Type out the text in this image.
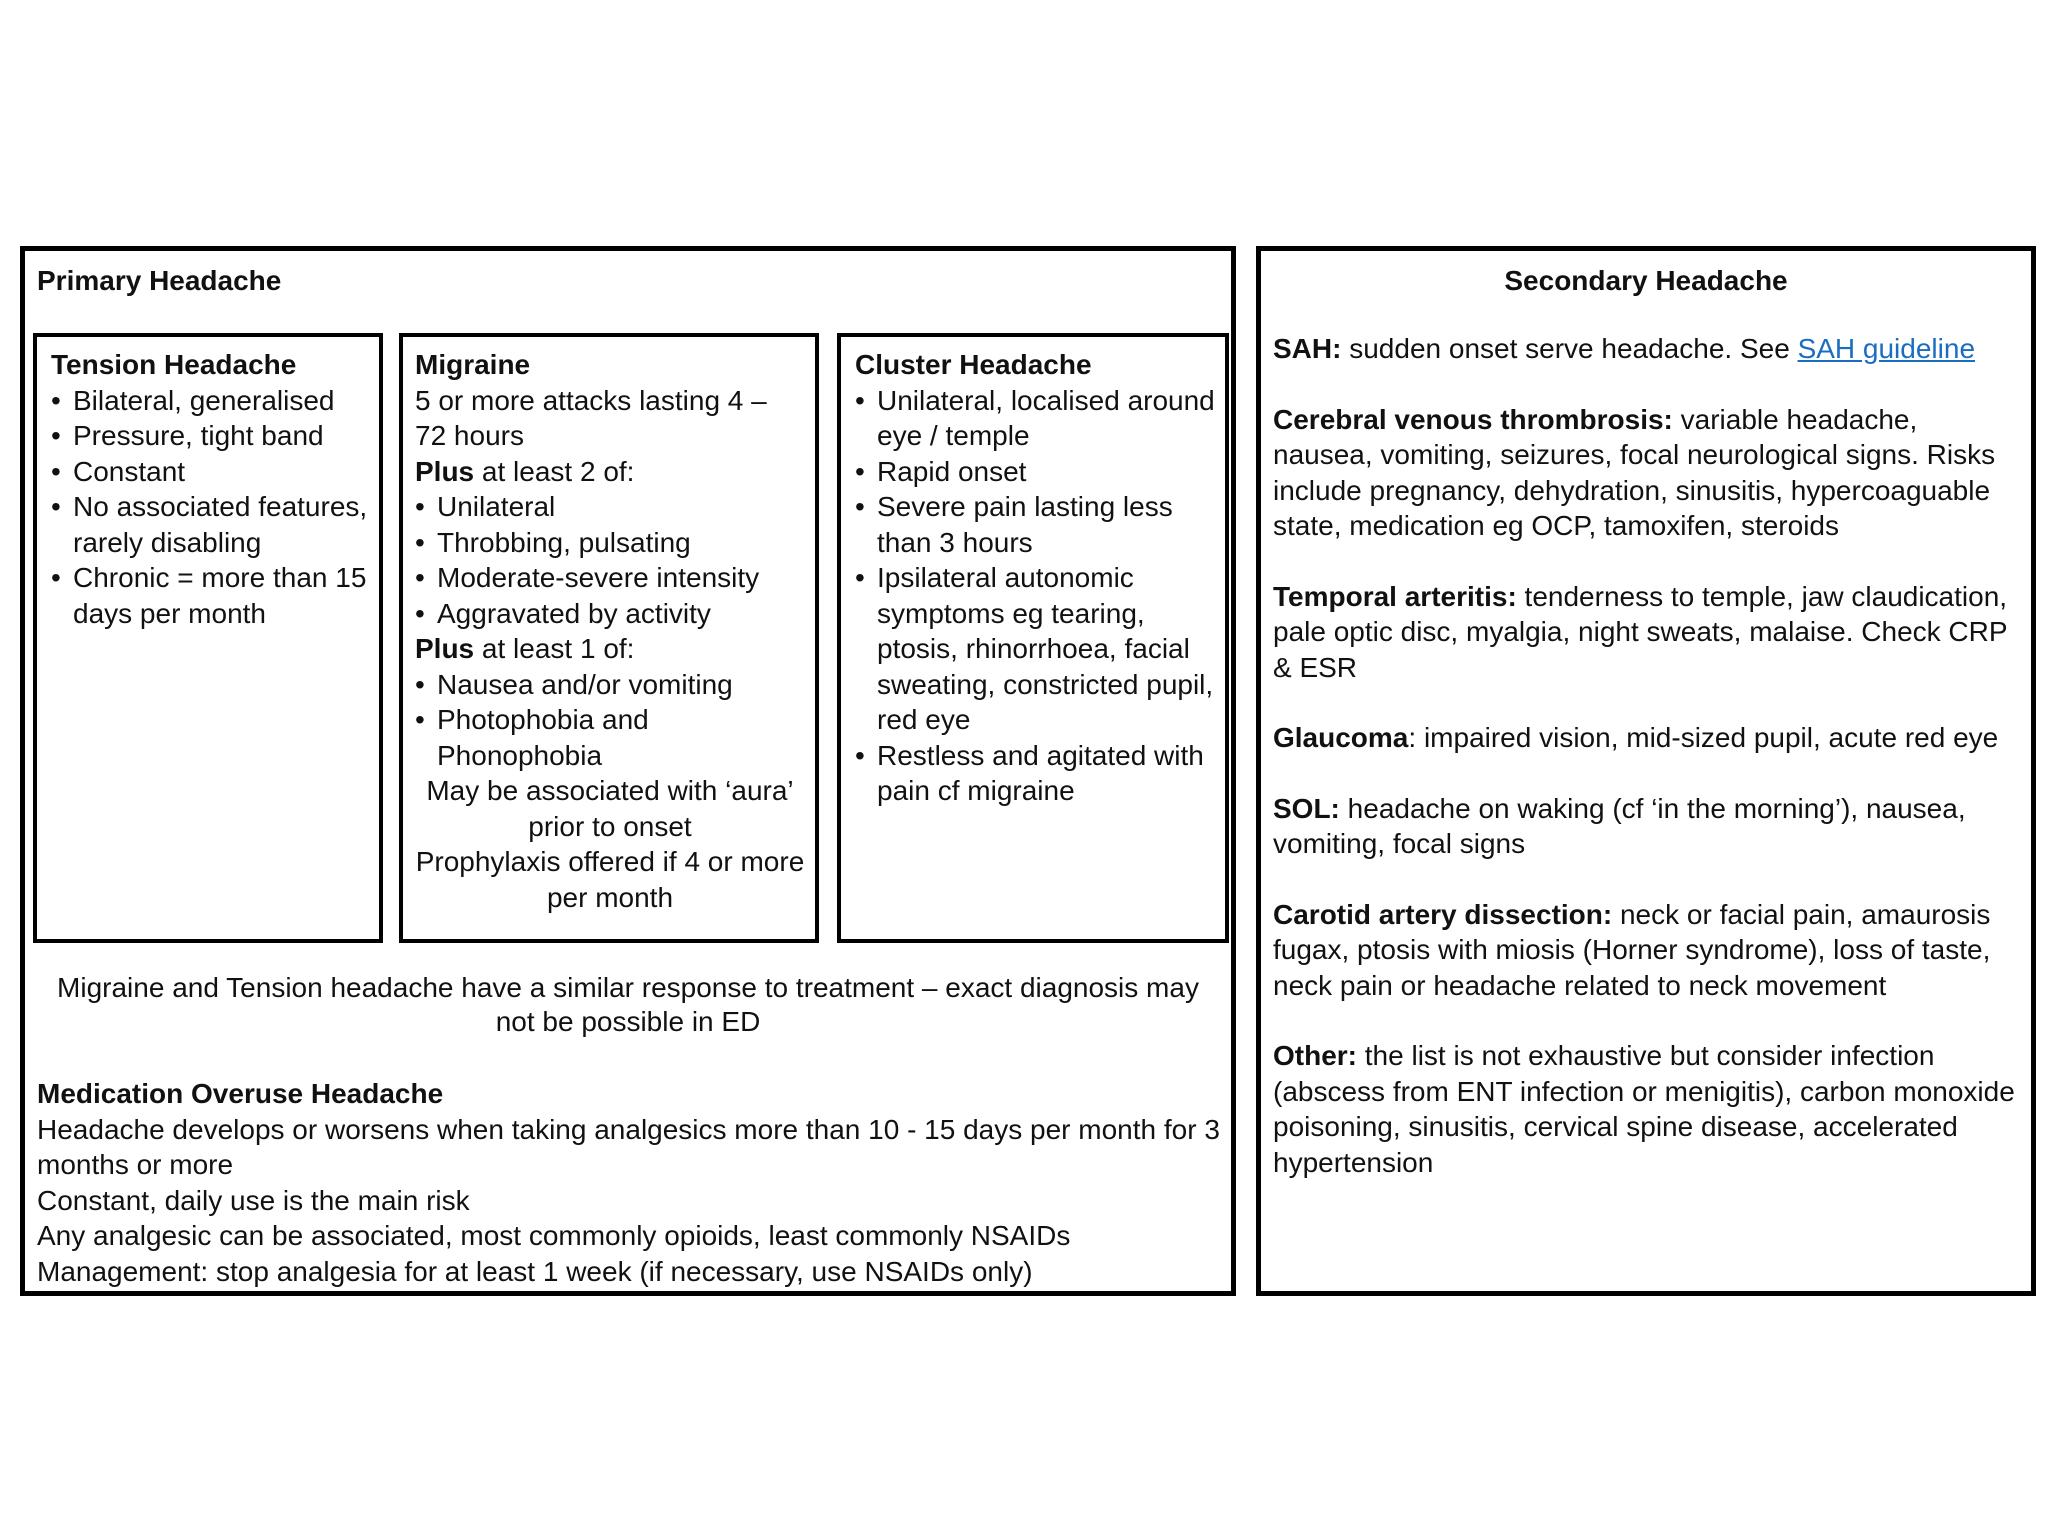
Primary Headache
Tension Headache
• Bilateral, generalised
• Pressure, tight band
• Constant
• No associated features, rarely disabling
• Chronic = more than 15 days per month
Migraine
5 or more attacks lasting 4 – 72 hours
Plus at least 2 of:
• Unilateral
• Throbbing, pulsating
• Moderate-severe intensity
• Aggravated by activity
Plus at least 1 of:
• Nausea and/or vomiting
• Photophobia and Phonophobia
May be associated with ‘aura’ prior to onset
Prophylaxis offered if 4 or more per month
Cluster Headache
• Unilateral, localised around eye / temple
• Rapid onset
• Severe pain lasting less than 3 hours
• Ipsilateral autonomic symptoms eg tearing, ptosis, rhinorrhoea, facial sweating, constricted pupil, red eye
• Restless and agitated with pain cf migraine
Migraine and Tension headache have a similar response to treatment – exact diagnosis may not be possible in ED
Medication Overuse Headache

Headache develops or worsens when taking analgesics more than 10 - 15 days per month for 3 months or more

Constant, daily use is the main risk

Any analgesic can be associated, most commonly opioids, least commonly NSAIDs

Management: stop analgesia for at least 1 week (if necessary, use NSAIDs only)

Secondary Headache

SAH: sudden onset serve headache. See SAH guideline

Cerebral venous thrombrosis: variable headache, nausea, vomiting, seizures, focal neurological signs. Risks include pregnancy, dehydration, sinusitis, hypercoaguable state, medication eg OCP, tamoxifen, steroids

Temporal arteritis: tenderness to temple, jaw claudication, pale optic disc, myalgia, night sweats, malaise. Check CRP & ESR

Glaucoma: impaired vision, mid-sized pupil, acute red eye

SOL: headache on waking (cf ‘in the morning’), nausea, vomiting, focal signs

Carotid artery dissection: neck or facial pain, amaurosis fugax, ptosis with miosis (Horner syndrome), loss of taste, neck pain or headache related to neck movement

Other: the list is not exhaustive but consider infection (abscess from ENT infection or menigitis), carbon monoxide poisoning, sinusitis, cervical spine disease, accelerated hypertension
